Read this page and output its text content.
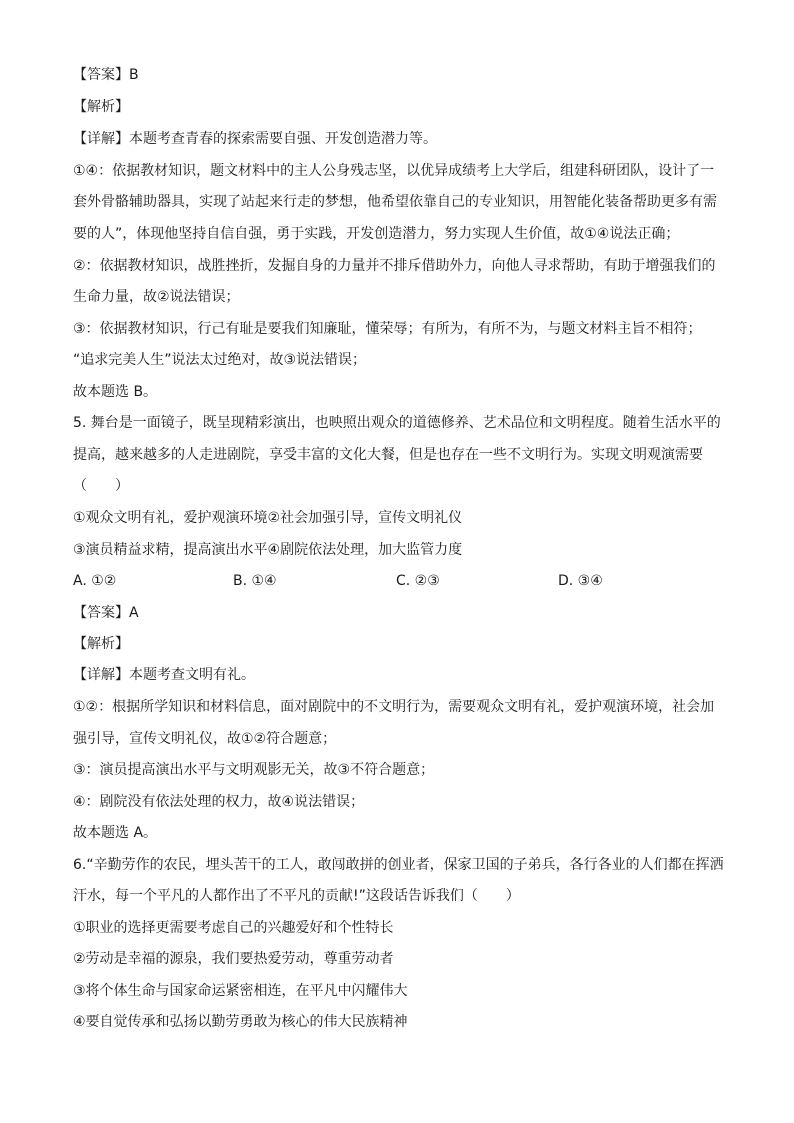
【答案】B
【解析】
【详解】本题考查青春的探索需要自强、开发创造潜力等。
①④：依据教材知识，题文材料中的主人公身残志坚，以优异成绩考上大学后，组建科研团队，设计了一
套外骨骼辅助器具，实现了站起来行走的梦想，他希望依靠自己的专业知识，用智能化装备帮助更多有需
要的人”，体现他坚持自信自强，勇于实践，开发创造潜力，努力实现人生价值，故①④说法正确；
②：依据教材知识，战胜挫折，发掘自身的力量并不排斥借助外力，向他人寻求帮助，有助于增强我们的
生命力量，故②说法错误；
③：依据教材知识，行己有耻是要我们知廉耻，懂荣辱；有所为，有所不为，与题文材料主旨不相符；
“追求完美人生”说法太过绝对，故③说法错误；
故本题选 B。
5. 舞台是一面镜子，既呈现精彩演出，也映照出观众的道德修养、艺术品位和文明程度。随着生活水平的
提高，越来越多的人走进剧院，享受丰富的文化大餐，但是也存在一些不文明行为。实现文明观演需要
（　　）
①观众文明有礼，爱护观演环境②社会加强引导，宣传文明礼仪
③演员精益求精，提高演出水平④剧院依法处理，加大监管力度
A. ①②	B. ①④	C. ②③	D. ③④
【答案】A
【解析】
【详解】本题考查文明有礼。
①②：根据所学知识和材料信息，面对剧院中的不文明行为，需要观众文明有礼，爱护观演环境，社会加
强引导，宣传文明礼仪，故①②符合题意；
③：演员提高演出水平与文明观影无关，故③不符合题意；
④：剧院没有依法处理的权力，故④说法错误；
故本题选 A。
6.“辛勤劳作的农民，埋头苦干的工人，敢闯敢拼的创业者，保家卫国的子弟兵，各行各业的人们都在挥洒
汗水，每一个平凡的人都作出了不平凡的贡献!”这段话告诉我们（　　）
①职业的选择更需要考虑自己的兴趣爱好和个性特长
②劳动是幸福的源泉，我们要热爱劳动，尊重劳动者
③将个体生命与国家命运紧密相连，在平凡中闪耀伟大
④要自觉传承和弘扬以勤劳勇敢为核心的伟大民族精神
